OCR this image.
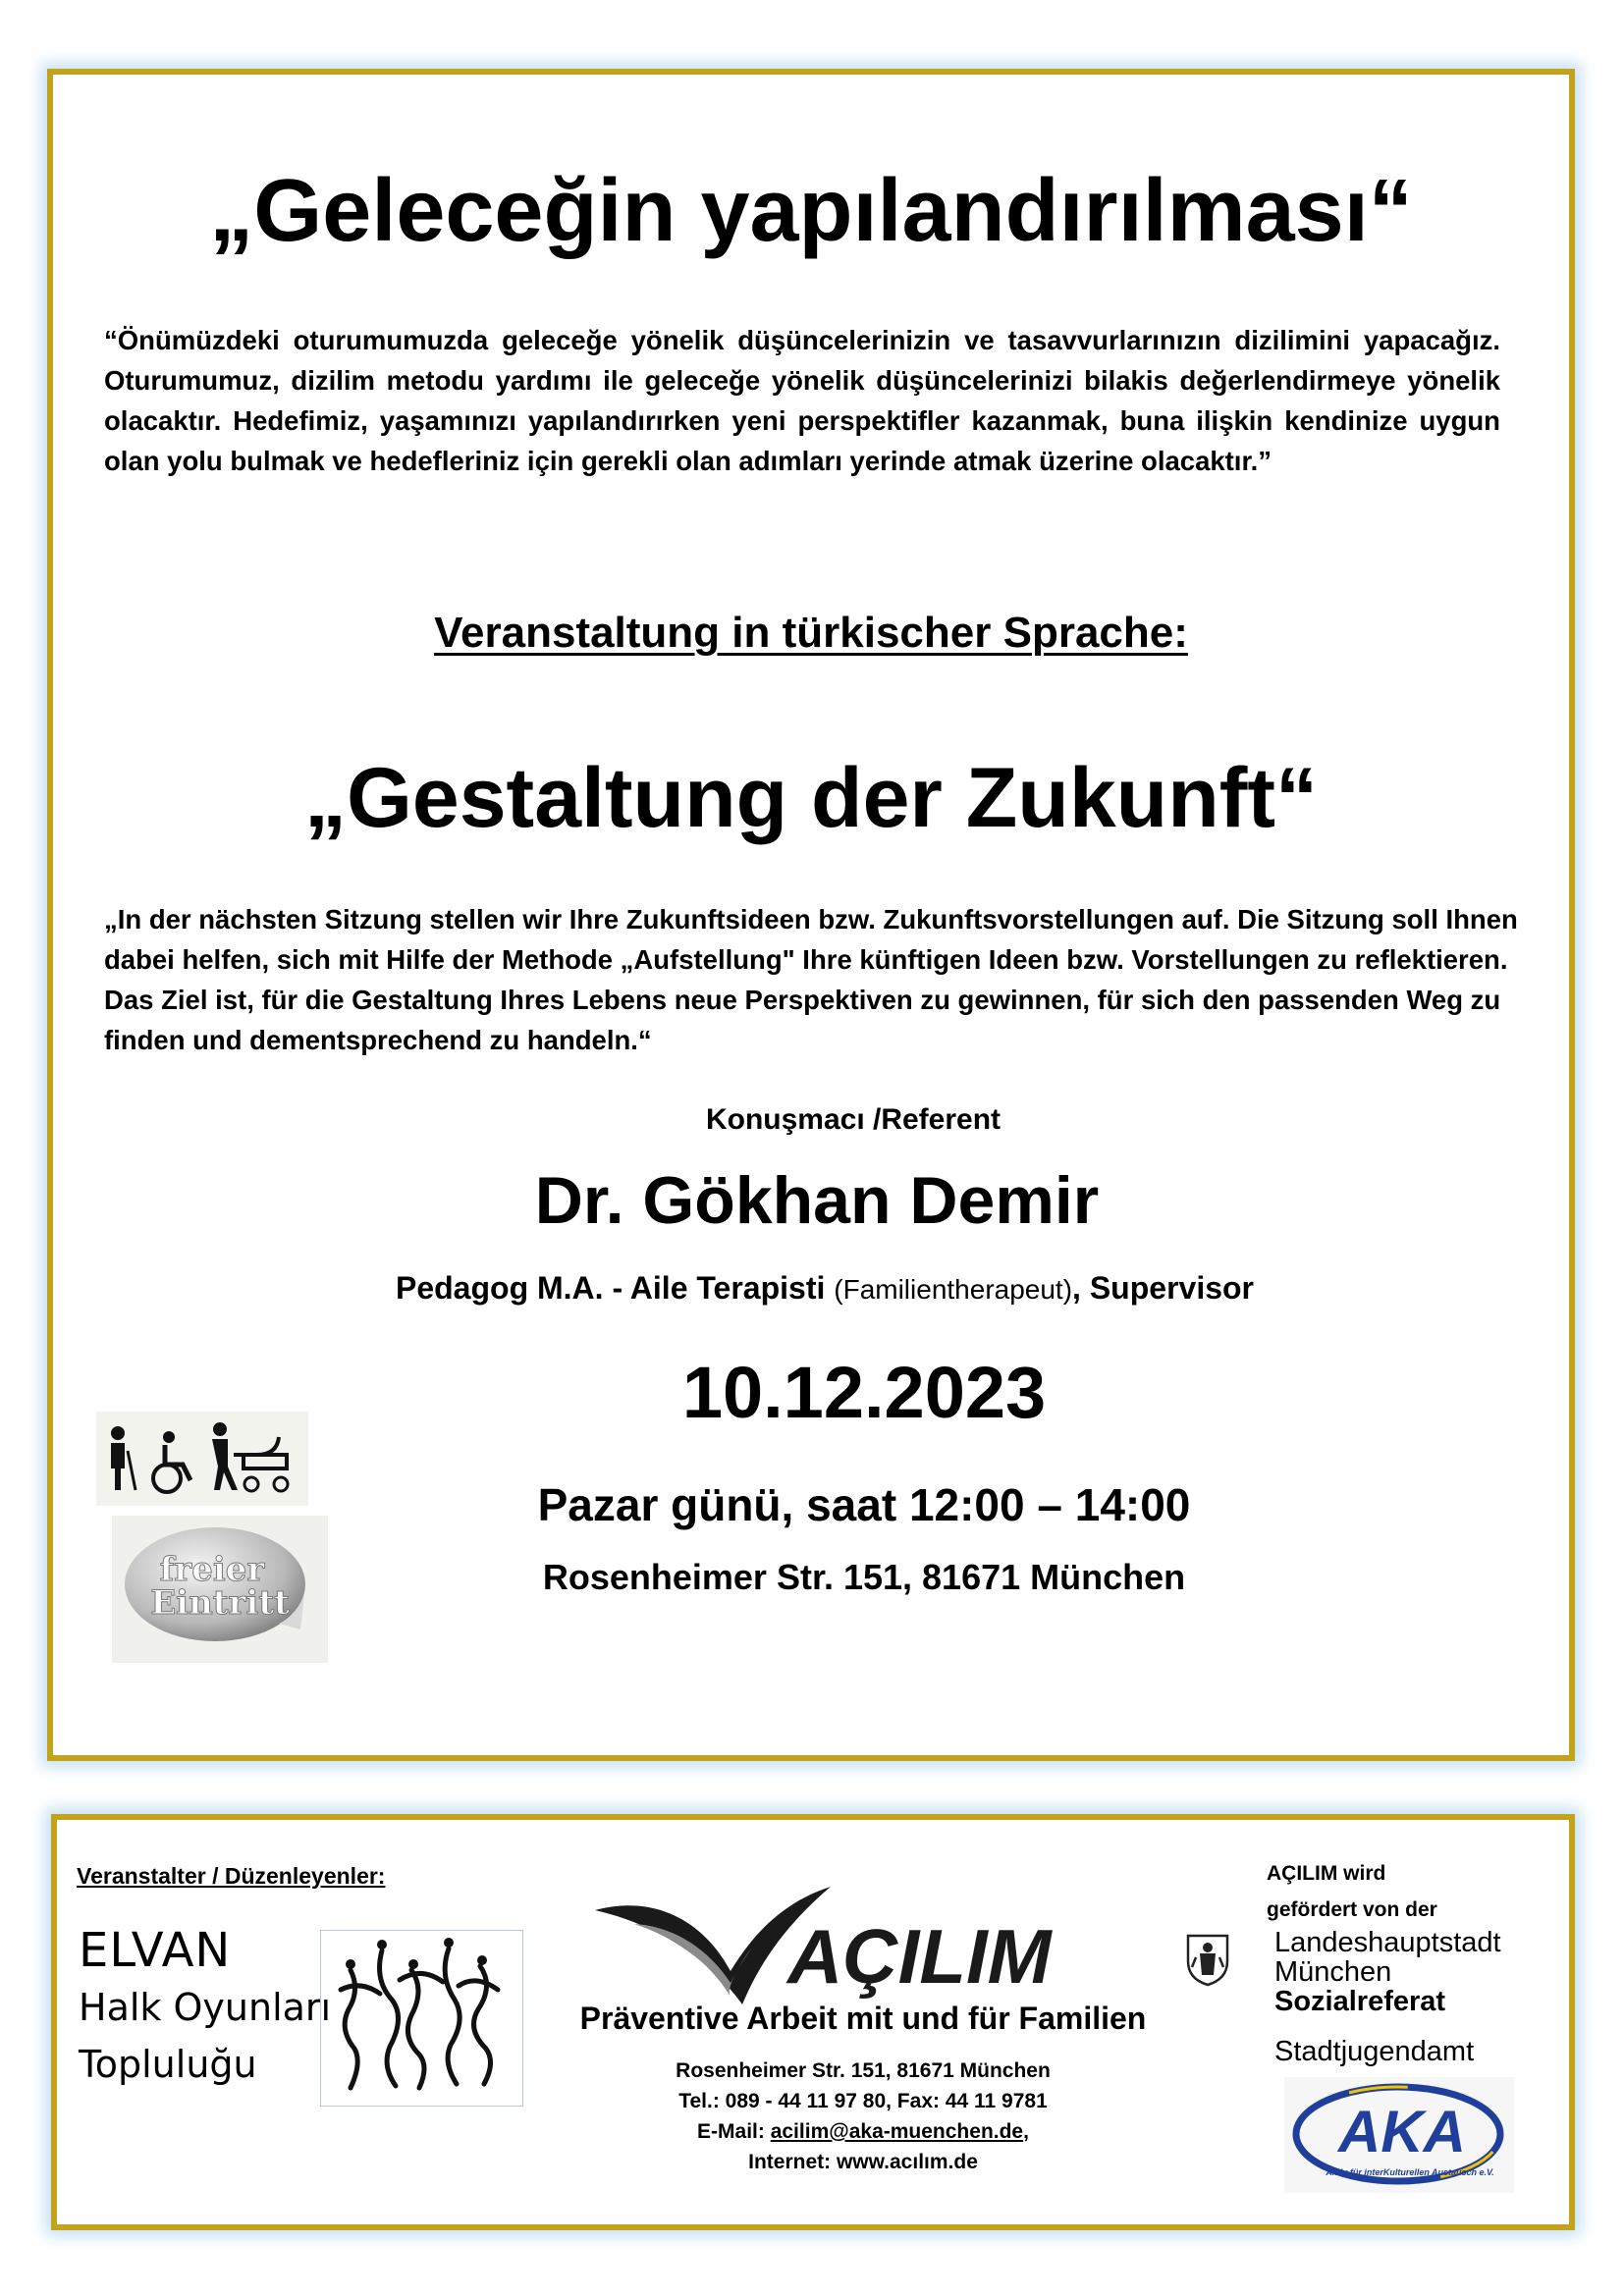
„Geleceğin yapılandırılması“
“Önümüzdeki oturumumuzda geleceğe yönelik düşüncelerinizin ve tasavvurlarınızın dizilimini yapacağız. Oturumumuz, dizilim metodu yardımı ile geleceğe yönelik düşüncelerinizi bilakis değerlendirmeye yönelik olacaktır. Hedefimiz, yaşamınızı yapılandırırken yeni perspektifler kazanmak, buna ilişkin kendinize uygun olan yolu bulmak ve hedefleriniz için gerekli olan adımları yerinde atmak üzerine olacaktır.”
Veranstaltung in türkischer Sprache:
„Gestaltung der Zukunft“
„In der nächsten Sitzung stellen wir Ihre Zukunftsideen bzw. Zukunftsvorstellungen auf. Die Sitzung soll Ihnen dabei helfen, sich mit Hilfe der Methode „Aufstellung" Ihre künftigen Ideen bzw. Vorstellungen zu reflektieren. Das Ziel ist, für die Gestaltung Ihres Lebens neue Perspektiven zu gewinnen, für sich den passenden Weg zu finden und dementsprechend zu handeln.“
Konuşmacı /Referent
Dr. Gökhan Demir
Pedagog M.A. - Aile Terapisti (Familientherapeut), Supervisor
10.12.2023
Pazar günü, saat 12:00 – 14:00
Rosenheimer Str. 151, 81671 München
freier
Eintritt
Veranstalter / Düzenleyenler:
ELVAN
Halk Oyunları
Topluluğu
AÇILIM
Präventive Arbeit mit und für Familien
Rosenheimer Str. 151, 81671 München
Tel.: 089 - 44 11 97 80, Fax: 44 11 9781
E-Mail: acilim@aka-muenchen.de,
Internet: www.acılım.de
AÇILIM wird
gefördert von der
Landeshauptstadt
München
Sozialreferat
Stadtjugendamt
AKA
Aktiv für interKulturellen Austausch e.V.
